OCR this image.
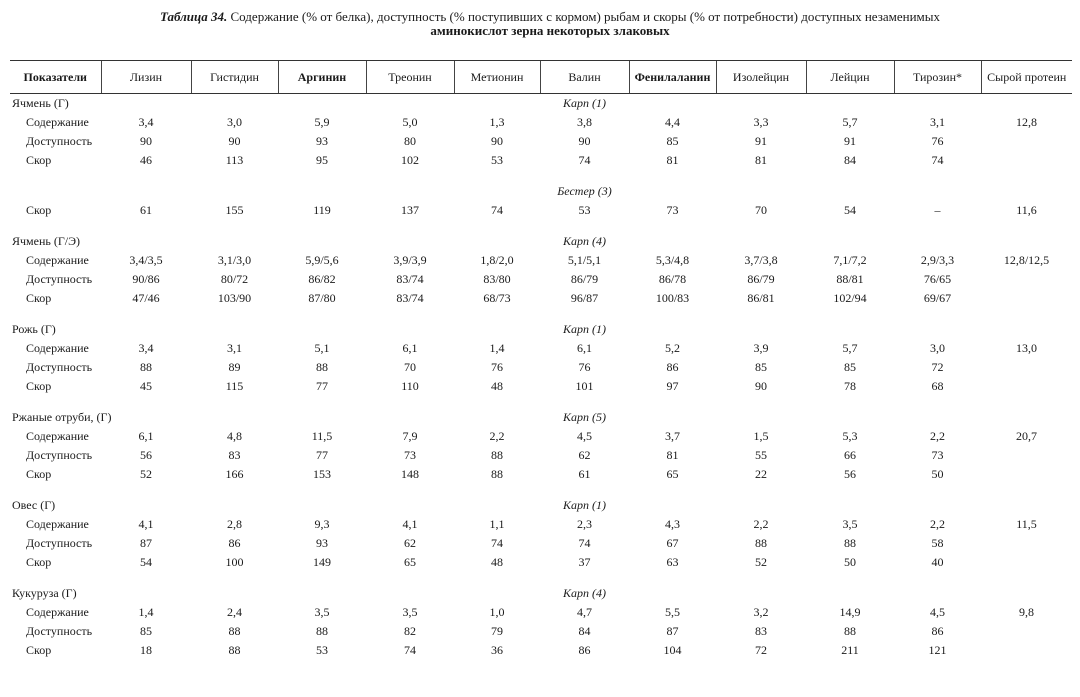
Таблица 34. Содержание (% от белка), доступность (% поступивших с кормом) рыбам и скоры (% от потребности) доступных незаменимых
аминокислот зерна некоторых злаковых
Показатели	Лизин	Гистидин	Аргинин	Треонин	Метионин	Валин	Фенилаланин	Изолейцин	Лейцин	Тирозин*	Сырой протеин
Ячмень (Г)						Карп (1)					
Содержание	3,4	3,0	5,9	5,0	1,3	3,8	4,4	3,3	5,7	3,1	12,8
Доступность	90	90	93	80	90	90	85	91	91	76	
Скор	46	113	95	102	53	74	81	81	84	74	

						Бестер (3)					
Скор	61	155	119	137	74	53	73	70	54	–	11,6

Ячмень (Г/Э)						Карп (4)					
Содержание	3,4/3,5	3,1/3,0	5,9/5,6	3,9/3,9	1,8/2,0	5,1/5,1	5,3/4,8	3,7/3,8	7,1/7,2	2,9/3,3	12,8/12,5
Доступность	90/86	80/72	86/82	83/74	83/80	86/79	86/78	86/79	88/81	76/65	
Скор	47/46	103/90	87/80	83/74	68/73	96/87	100/83	86/81	102/94	69/67	

Рожь (Г)						Карп (1)					
Содержание	3,4	3,1	5,1	6,1	1,4	6,1	5,2	3,9	5,7	3,0	13,0
Доступность	88	89	88	70	76	76	86	85	85	72	
Скор	45	115	77	110	48	101	97	90	78	68	

Ржаные отруби, (Г)						Карп (5)					
Содержание	6,1	4,8	11,5	7,9	2,2	4,5	3,7	1,5	5,3	2,2	20,7
Доступность	56	83	77	73	88	62	81	55	66	73	
Скор	52	166	153	148	88	61	65	22	56	50	

Овес (Г)						Карп (1)					
Содержание	4,1	2,8	9,3	4,1	1,1	2,3	4,3	2,2	3,5	2,2	11,5
Доступность	87	86	93	62	74	74	67	88	88	58	
Скор	54	100	149	65	48	37	63	52	50	40	

Кукуруза (Г)						Карп (4)					
Содержание	1,4	2,4	3,5	3,5	1,0	4,7	5,5	3,2	14,9	4,5	9,8
Доступность	85	88	88	82	79	84	87	83	88	86	
Скор	18	88	53	74	36	86	104	72	211	121	
